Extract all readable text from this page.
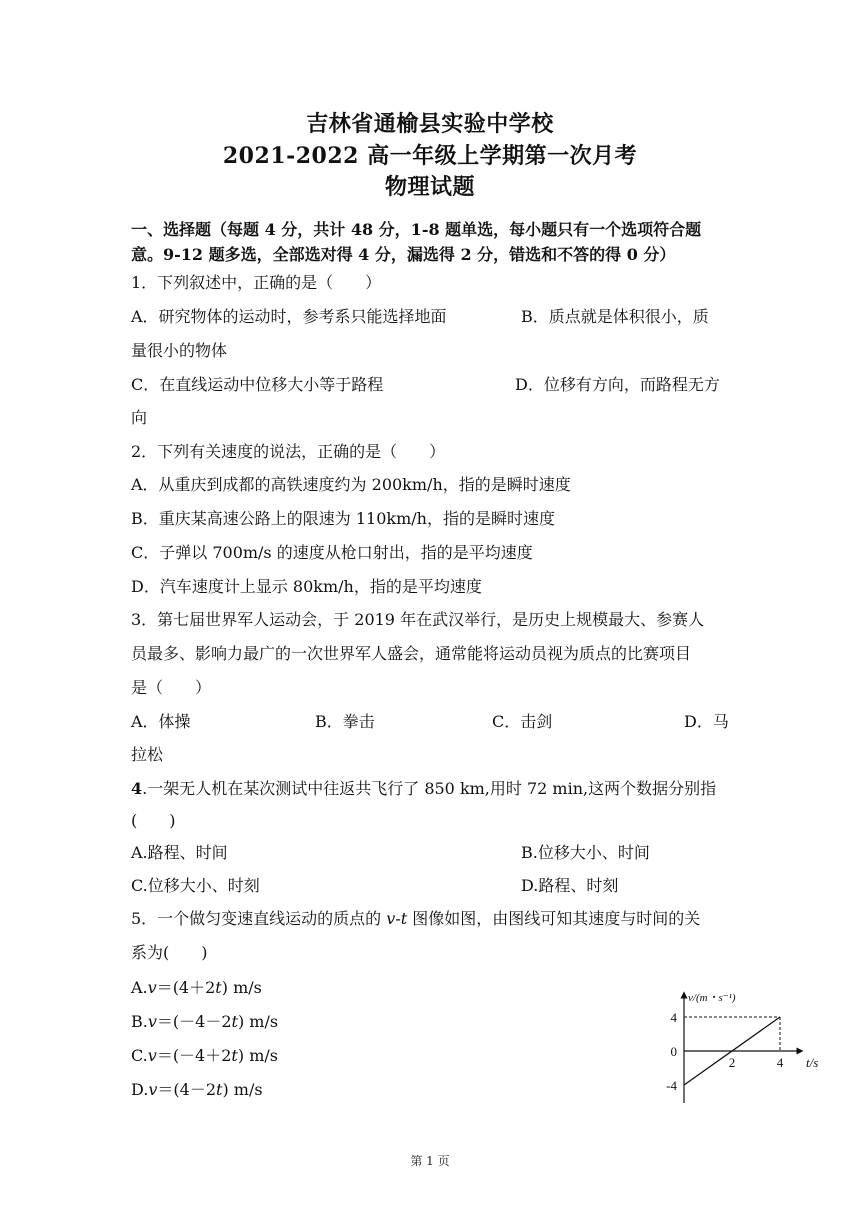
吉林省通榆县实验中学校
2021-2022 高一年级上学期第一次月考
物理试题
一、选择题（每题 4 分，共计 48 分，1-8 题单选，每小题只有一个选项符合题
意。9-12 题多选，全部选对得 4 分，漏选得 2 分，错选和不答的得 0 分）
1．下列叙述中，正确的是（　　）
A．研究物体的运动时，参考系只能选择地面	B．质点就是体积很小，质
量很小的物体
C．在直线运动中位移大小等于路程	D．位移有方向，而路程无方
向
2．下列有关速度的说法，正确的是（　　）
A．从重庆到成都的高铁速度约为 200km/h，指的是瞬时速度
B．重庆某高速公路上的限速为 110km/h，指的是瞬时速度
C．子弹以 700m/s 的速度从枪口射出，指的是平均速度
D．汽车速度计上显示 80km/h，指的是平均速度
3．第七届世界军人运动会，于 2019 年在武汉举行，是历史上规模最大、参赛人
员最多、影响力最广的一次世界军人盛会，通常能将运动员视为质点的比赛项目
是（　　）
A．体操	B．拳击	C．击剑	D．马
拉松
4.一架无人机在某次测试中往返共飞行了 850 km,用时 72 min,这两个数据分别指
(　　)
A.路程、时间	B.位移大小、时间
C.位移大小、时刻	D.路程、时刻
5．一个做匀变速直线运动的质点的 v-t 图像如图，由图线可知其速度与时间的关
系为(　　)
A.v＝(4＋2t) m/s
B.v＝(－4－2t) m/s
C.v＝(－4＋2t) m/s
D.v＝(4－2t) m/s
4
0
-4
2	4
v/(m・s⁻¹)
t/s
第 1 页
